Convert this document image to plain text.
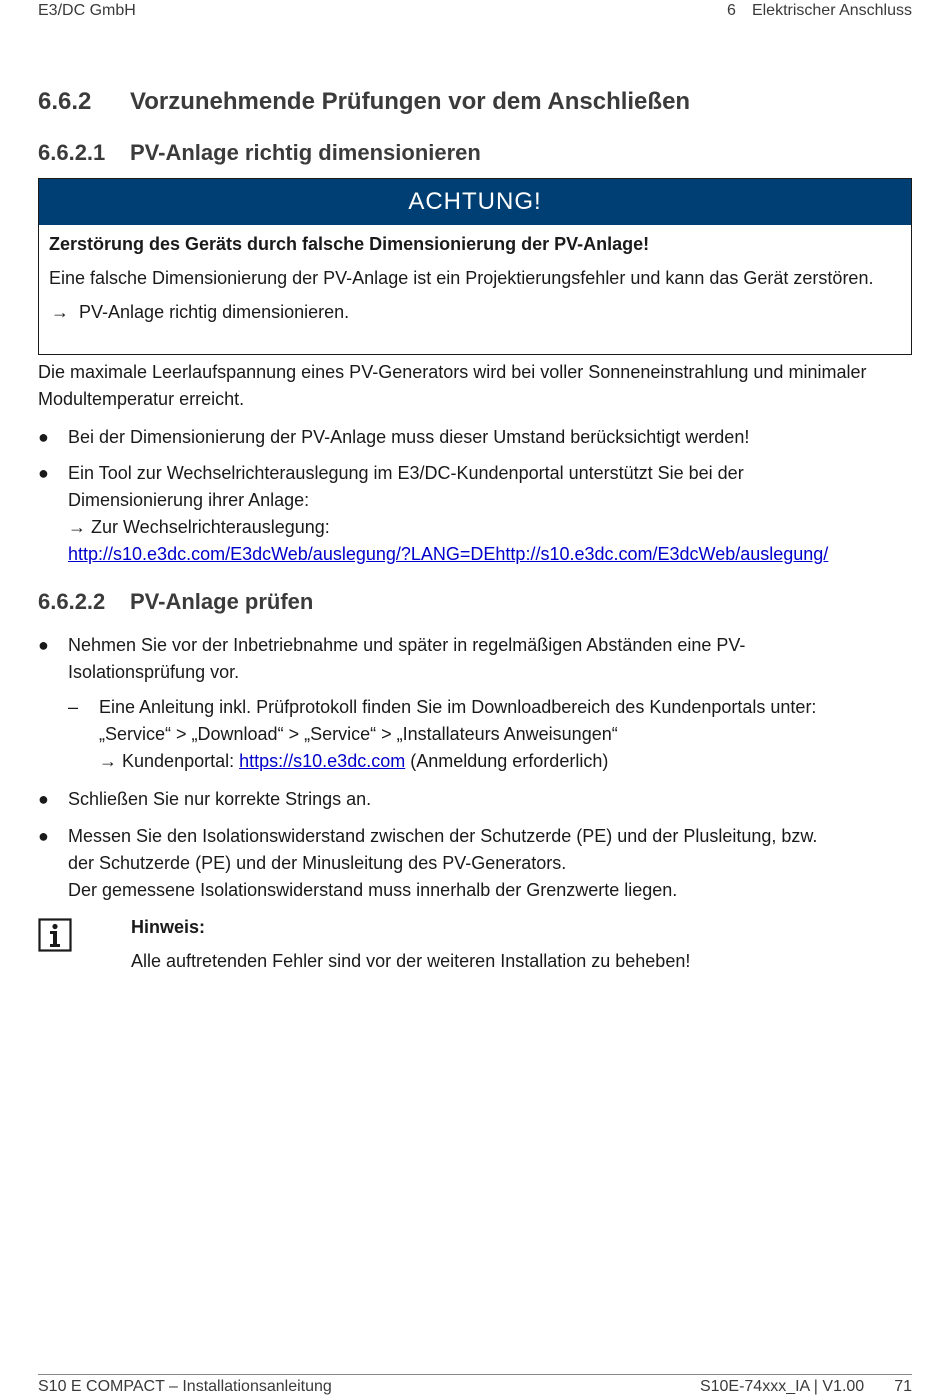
E3/DC GmbH	6 Elektrischer Anschluss
6.6.2 Vorzunehmende Prüfungen vor dem Anschließen
6.6.2.1 PV-Anlage richtig dimensionieren
ACHTUNG!
Zerstörung des Geräts durch falsche Dimensionierung der PV-Anlage!
Eine falsche Dimensionierung der PV-Anlage ist ein Projektierungsfehler und kann das Gerät zerstören.
→ PV-Anlage richtig dimensionieren.
Die maximale Leerlaufspannung eines PV-Generators wird bei voller Sonneneinstrahlung und minimaler Modultemperatur erreicht.
●	Bei der Dimensionierung der PV-Anlage muss dieser Umstand berücksichtigt werden!
●	Ein Tool zur Wechselrichterauslegung im E3/DC-Kundenportal unterstützt Sie bei der
Dimensionierung ihrer Anlage:
→ Zur Wechselrichterauslegung:
http://s10.e3dc.com/E3dcWeb/auslegung/?LANG=DEhttp://s10.e3dc.com/E3dcWeb/auslegung/
6.6.2.2 PV-Anlage prüfen
●	Nehmen Sie vor der Inbetriebnahme und später in regelmäßigen Abständen eine PV-
Isolationsprüfung vor.
– Eine Anleitung inkl. Prüfprotokoll finden Sie im Downloadbereich des Kundenportals unter:
„Service“ > „Download“ > „Service“ > „Installateurs Anweisungen“
→ Kundenportal: https://s10.e3dc.com (Anmeldung erforderlich)
●	Schließen Sie nur korrekte Strings an.
●	Messen Sie den Isolationswiderstand zwischen der Schutzerde (PE) und der Plusleitung, bzw.
der Schutzerde (PE) und der Minusleitung des PV-Generators.
Der gemessene Isolationswiderstand muss innerhalb der Grenzwerte liegen.
Hinweis:
Alle auftretenden Fehler sind vor der weiteren Installation zu beheben!
S10 E COMPACT – Installationsanleitung	S10E-74xxx_IA | V1.00 71
